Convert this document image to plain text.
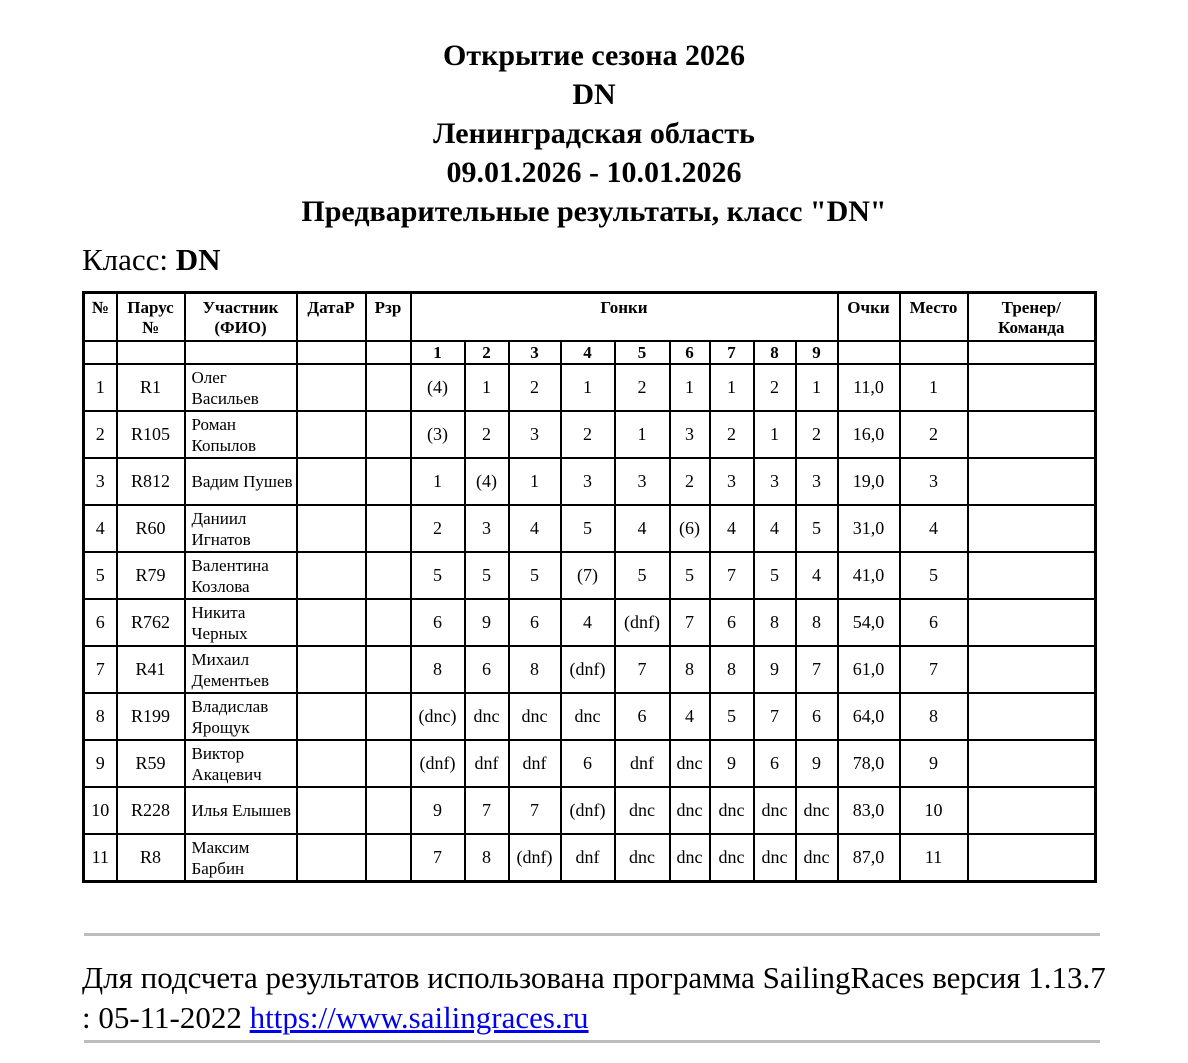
Открытие сезона 2026
DN
Ленинградская область
09.01.2026 - 10.01.2026
Предварительные результаты, класс "DN"
Класс: DN
№	Парус №	Участник (ФИО)	ДатаР	Рзр	Гонки									Очки	Место	Тренер/ Команда
					1	2	3	4	5	6	7	8	9			
1	R1	Олег Васильев			(4)	1	2	1	2	1	1	2	1	11,0	1	
2	R105	Роман Копылов			(3)	2	3	2	1	3	2	1	2	16,0	2	
3	R812	Вадим Пушев			1	(4)	1	3	3	2	3	3	3	19,0	3	
4	R60	Даниил Игнатов			2	3	4	5	4	(6)	4	4	5	31,0	4	
5	R79	Валентина Козлова			5	5	5	(7)	5	5	7	5	4	41,0	5	
6	R762	Никита Черных			6	9	6	4	(dnf)	7	6	8	8	54,0	6	
7	R41	Михаил Дементьев			8	6	8	(dnf)	7	8	8	9	7	61,0	7	
8	R199	Владислав Ярощук			(dnc)	dnc	dnc	dnc	6	4	5	7	6	64,0	8	
9	R59	Виктор Акацевич			(dnf)	dnf	dnf	6	dnf	dnc	9	6	9	78,0	9	
10	R228	Илья Елышев			9	7	7	(dnf)	dnc	dnc	dnc	dnc	dnc	83,0	10	
11	R8	Максим Барбин			7	8	(dnf)	dnf	dnc	dnc	dnc	dnc	dnc	87,0	11	
Для подсчета результатов использована программа SailingRaces версия 1.13.7 : 05-11-2022 https://www.sailingraces.ru
